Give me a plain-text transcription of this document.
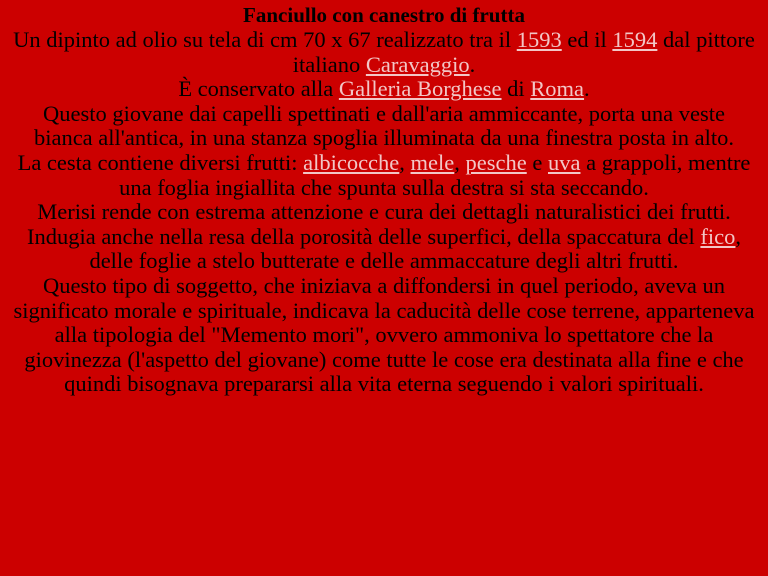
Fanciullo con canestro di frutta
Un dipinto ad olio su tela di cm 70 x 67 realizzato tra il 1593 ed il 1594 dal pittore italiano Caravaggio.
È conservato alla Galleria Borghese di Roma.
Questo giovane dai capelli spettinati e dall'aria ammiccante, porta una veste bianca all'antica, in una stanza spoglia illuminata da una finestra posta in alto.
La cesta contiene diversi frutti: albicocche, mele, pesche e uva a grappoli, mentre una foglia ingiallita che spunta sulla destra si sta seccando.
Merisi rende con estrema attenzione e cura dei dettagli naturalistici dei frutti.
Indugia anche nella resa della porosità delle superfici, della spaccatura del fico, delle foglie a stelo butterate e delle ammaccature degli altri frutti.
Questo tipo di soggetto, che iniziava a diffondersi in quel periodo, aveva un significato morale e spirituale, indicava la caducità delle cose terrene, apparteneva alla tipologia del "Memento mori", ovvero ammoniva lo spettatore che la giovinezza (l'aspetto del giovane) come tutte le cose era destinata alla fine e che quindi bisognava prepararsi alla vita eterna seguendo i valori spirituali.
